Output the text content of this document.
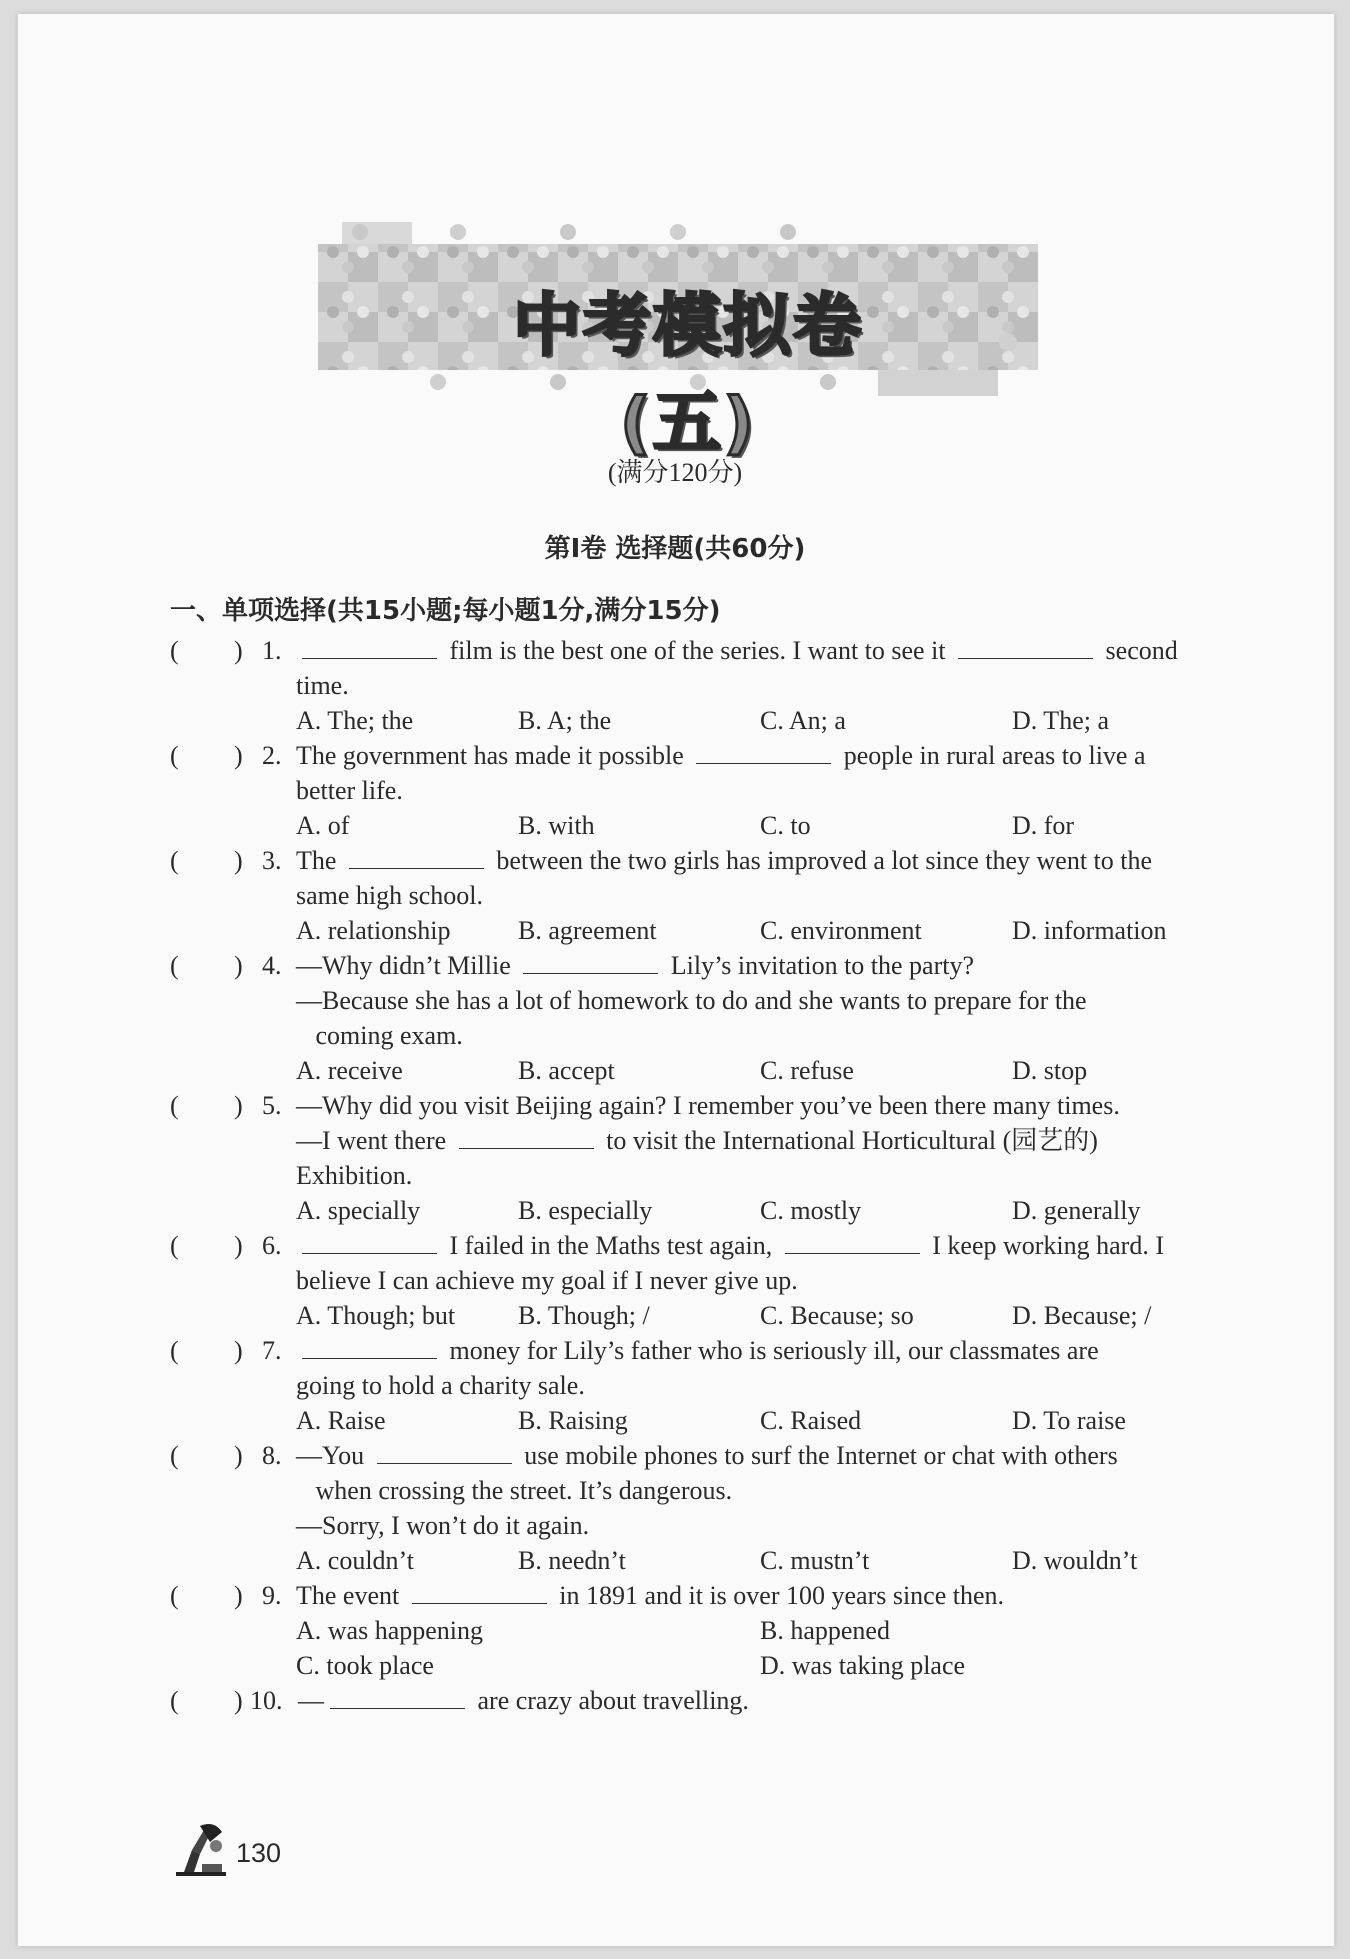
中考模拟卷(五)
(满分120分)
第Ⅰ卷 选择题(共60分)
一、单项选择(共15小题;每小题1分,满分15分)
( ) 1.	film is the best one of the series. I want to see it	second
time.
A. The; the	B. A; the	C. An; a	D. The; a
( ) 2. The government has made it possible	people in rural areas to live a
better life.
A. of	B. with	C. to	D. for
( ) 3. The	between the two girls has improved a lot since they went to the
same high school.
A. relationship	B. agreement	C. environment	D. information
( ) 4. —Why didn’t Millie	Lily’s invitation to the party?
—Because she has a lot of homework to do and she wants to prepare for the
coming exam.
A. receive	B. accept	C. refuse	D. stop
( ) 5. —Why did you visit Beijing again? I remember you’ve been there many times.
—I went there	to visit the International Horticultural (园艺的)
Exhibition.
A. specially	B. especially	C. mostly	D. generally
( ) 6.	I failed in the Maths test again,	I keep working hard. I
believe I can achieve my goal if I never give up.
A. Though; but B. Though; /	C. Because; so	D. Because; /
( ) 7.	money for Lily’s father who is seriously ill, our classmates are
going to hold a charity sale.
A. Raise	B. Raising	C. Raised	D. To raise
( ) 8. —You	use mobile phones to surf the Internet or chat with others
when crossing the street. It’s dangerous.
—Sorry, I won’t do it again.
A. couldn’t	B. needn’t	C. mustn’t	D. wouldn’t
( ) 9. The event	in 1891 and it is over 100 years since then.
A. was happening	B. happened
C. took place	D. was taking place
( ) 10. —	are crazy about travelling.
130
